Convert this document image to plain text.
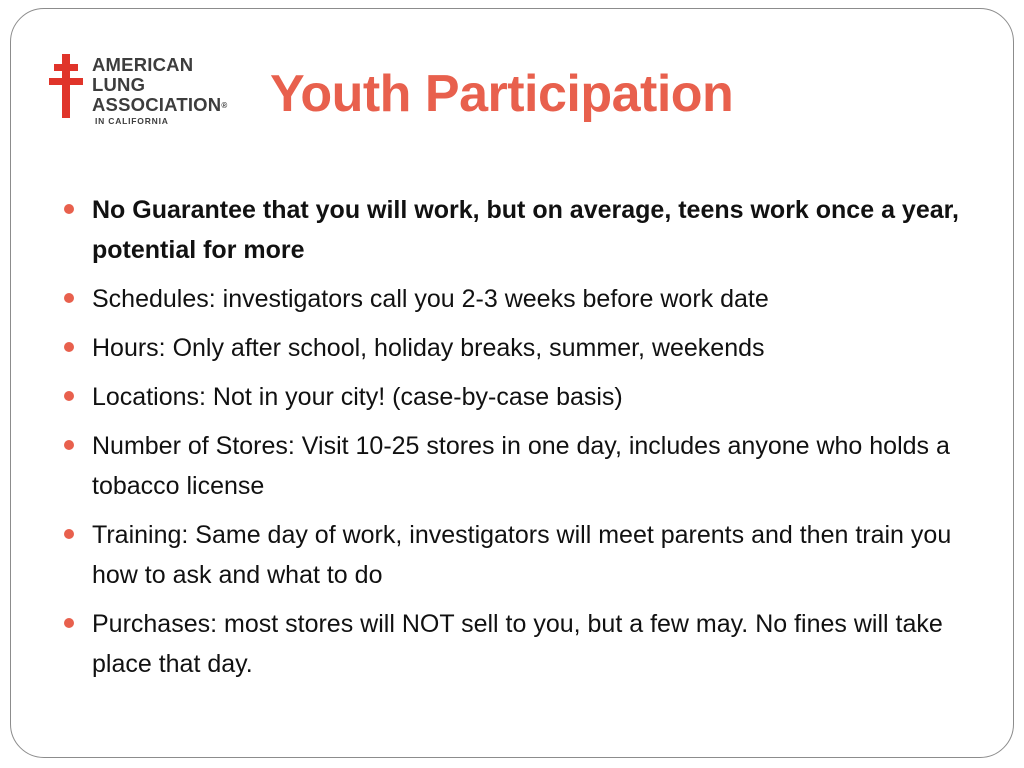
AMERICAN
LUNG
ASSOCIATION®
IN CALIFORNIA	Youth Participation
No Guarantee that you will work, but on average, teens work once a year, potential for more
Schedules: investigators call you 2-3 weeks before work date
Hours: Only after school, holiday breaks, summer, weekends
Locations: Not in your city! (case-by-case basis)
Number of Stores: Visit 10-25 stores in one day, includes anyone who holds a tobacco license
Training: Same day of work, investigators will meet parents and then train you how to ask and what to do
Purchases: most stores will NOT sell to you, but a few may. No fines will take place that day.
